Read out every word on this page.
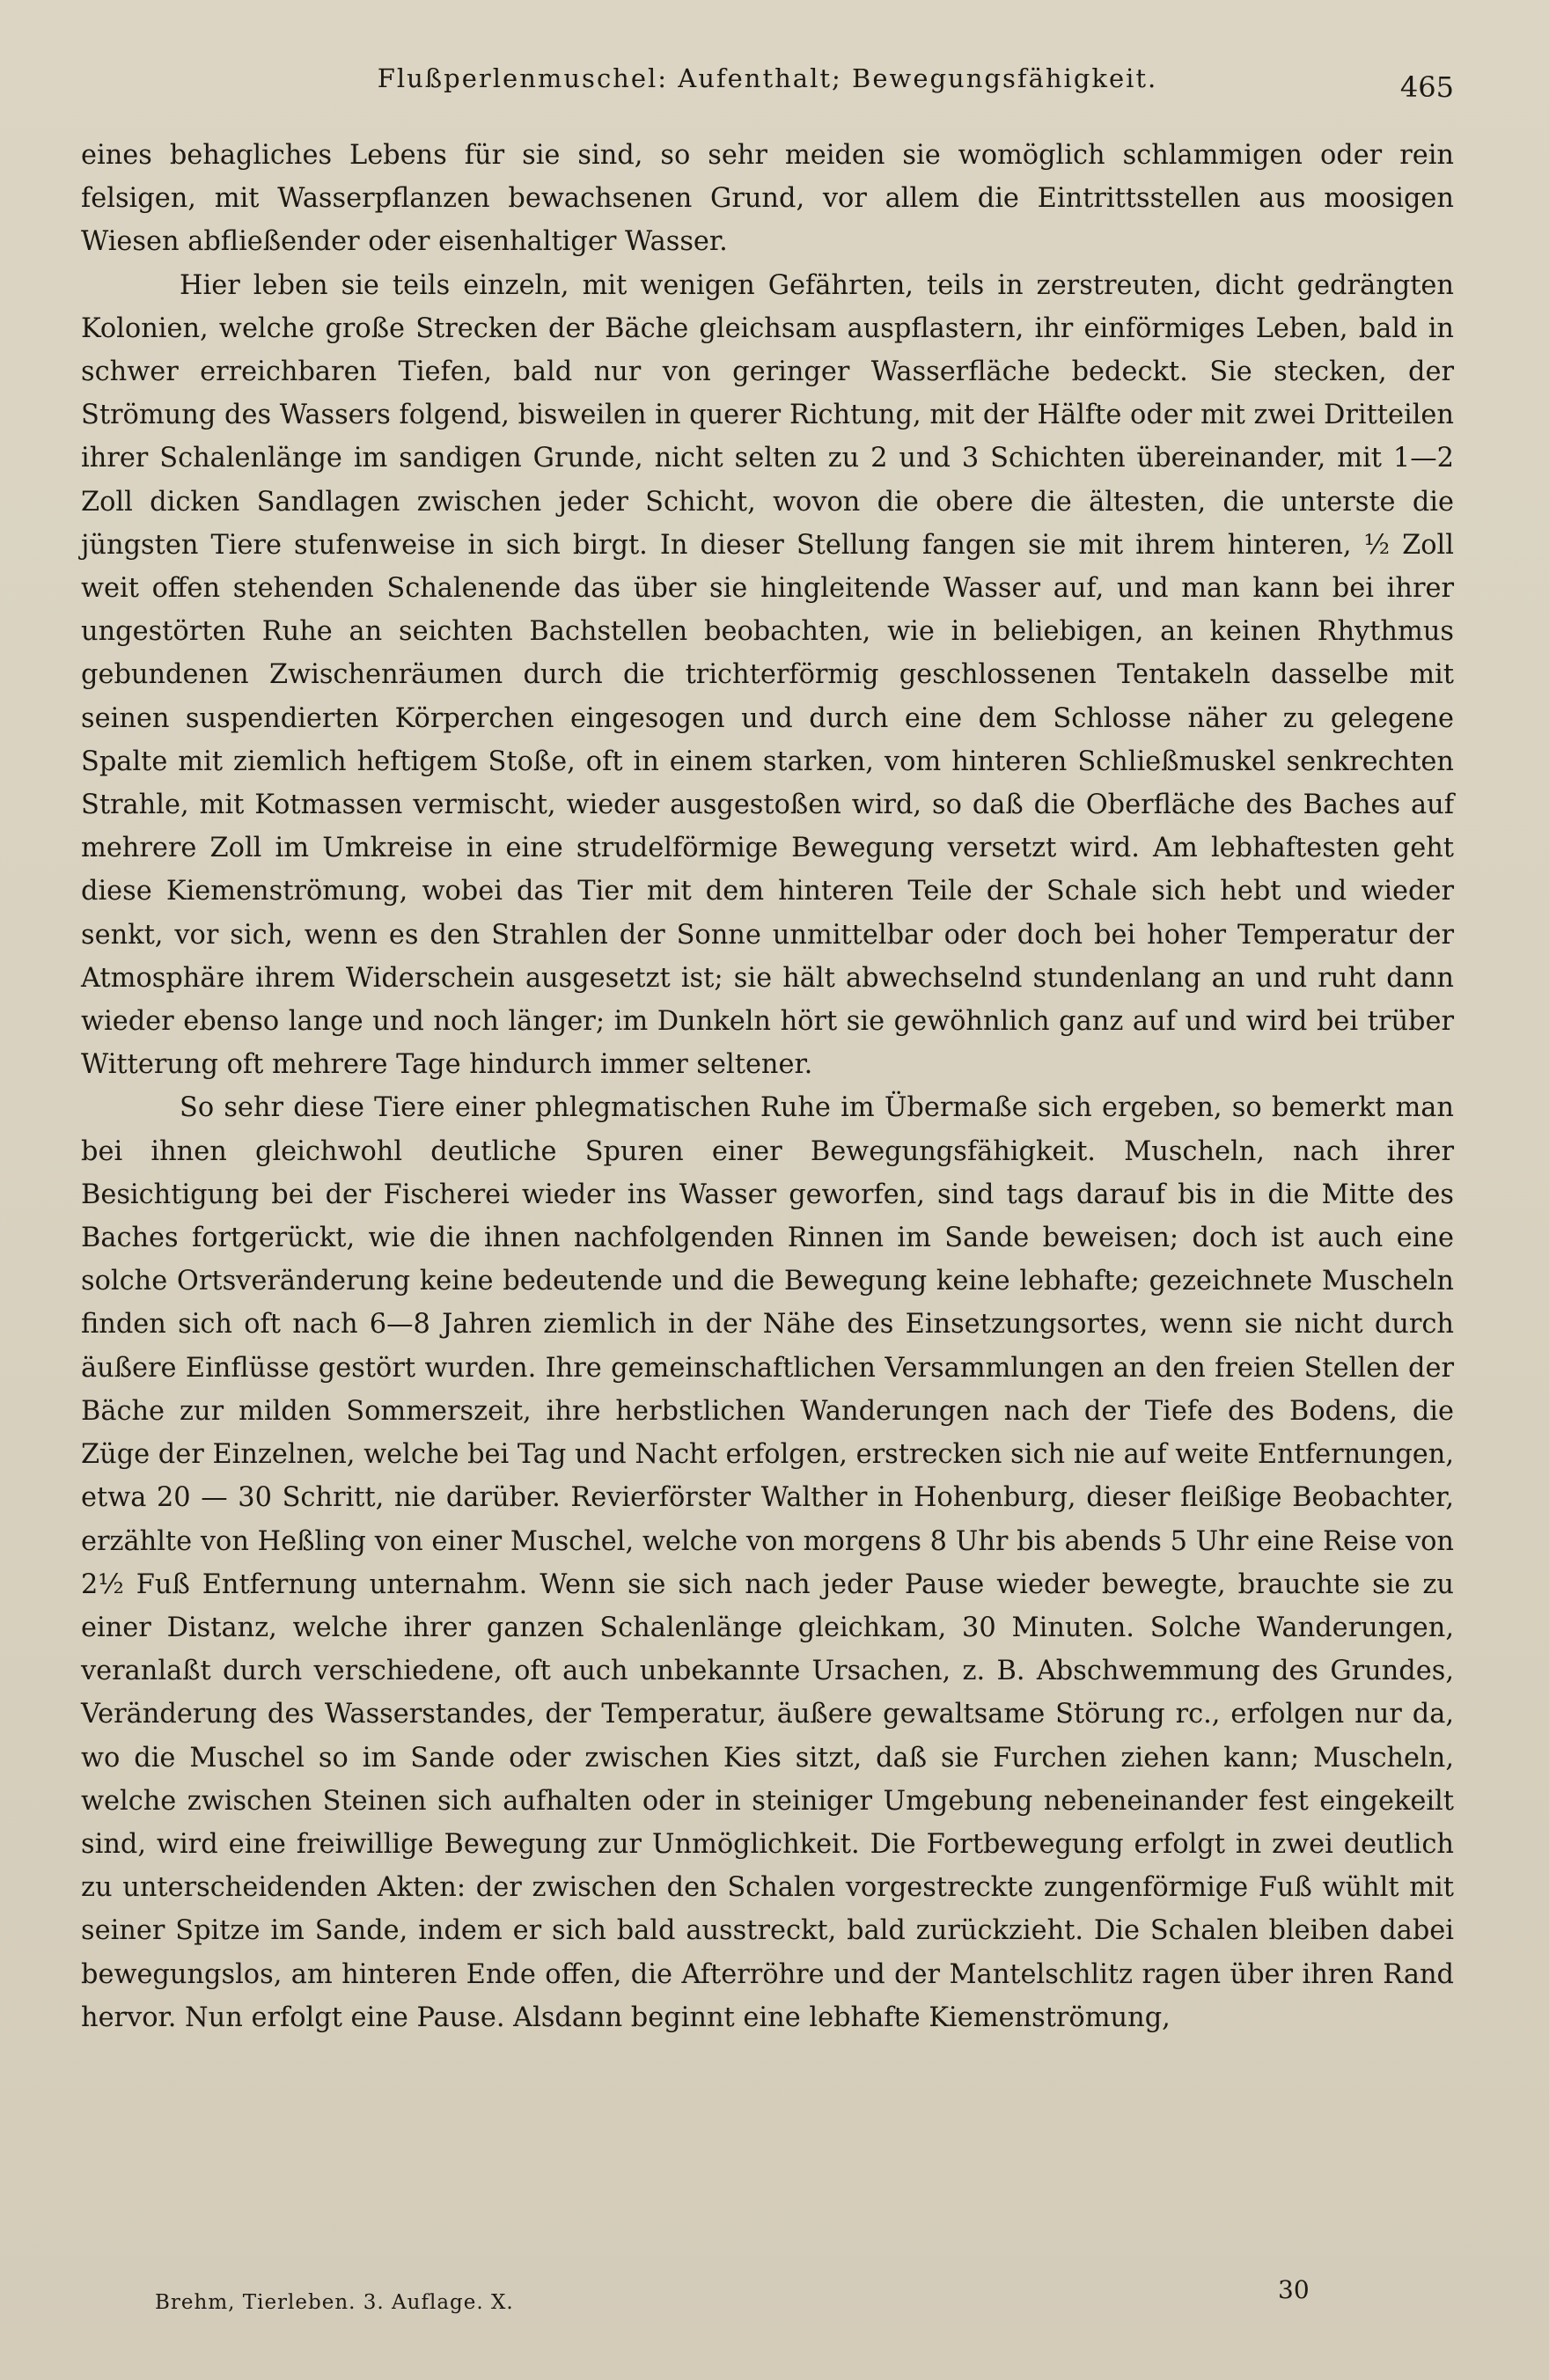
Flußperlenmuschel: Aufenthalt; Bewegungsfähigkeit.	465

eines behagliches Lebens für sie sind, so sehr meiden sie womöglich schlammigen oder rein felsigen, mit Wasserpflanzen bewachsenen Grund, vor allem die Eintrittsstellen aus moosigen Wiesen abfließender oder eisenhaltiger Wasser.

Hier leben sie teils einzeln, mit wenigen Gefährten, teils in zerstreuten, dicht gedrängten Kolonien, welche große Strecken der Bäche gleichsam auspflastern, ihr einförmiges Leben, bald in schwer erreichbaren Tiefen, bald nur von geringer Wasserfläche bedeckt. Sie stecken, der Strömung des Wassers folgend, bisweilen in querer Richtung, mit der Hälfte oder mit zwei Dritteilen ihrer Schalenlänge im sandigen Grunde, nicht selten zu 2 und 3 Schichten übereinander, mit 1—2 Zoll dicken Sandlagen zwischen jeder Schicht, wovon die obere die ältesten, die unterste die jüngsten Tiere stufenweise in sich birgt. In dieser Stellung fangen sie mit ihrem hinteren, ½ Zoll weit offen stehenden Schalenende das über sie hingleitende Wasser auf, und man kann bei ihrer ungestörten Ruhe an seichten Bachstellen beobachten, wie in beliebigen, an keinen Rhythmus gebundenen Zwischenräumen durch die trichterförmig geschlossenen Tentakeln dasselbe mit seinen suspendierten Körperchen eingesogen und durch eine dem Schlosse näher zu gelegene Spalte mit ziemlich heftigem Stoße, oft in einem starken, vom hinteren Schließmuskel senkrechten Strahle, mit Kotmassen vermischt, wieder ausgestoßen wird, so daß die Oberfläche des Baches auf mehrere Zoll im Umkreise in eine strudelförmige Bewegung versetzt wird. Am lebhaftesten geht diese Kiemenströmung, wobei das Tier mit dem hinteren Teile der Schale sich hebt und wieder senkt, vor sich, wenn es den Strahlen der Sonne unmittelbar oder doch bei hoher Temperatur der Atmosphäre ihrem Widerschein ausgesetzt ist; sie hält abwechselnd stundenlang an und ruht dann wieder ebenso lange und noch länger; im Dunkeln hört sie gewöhnlich ganz auf und wird bei trüber Witterung oft mehrere Tage hindurch immer seltener.

So sehr diese Tiere einer phlegmatischen Ruhe im Übermaße sich ergeben, so bemerkt man bei ihnen gleichwohl deutliche Spuren einer Bewegungsfähigkeit. Muscheln, nach ihrer Besichtigung bei der Fischerei wieder ins Wasser geworfen, sind tags darauf bis in die Mitte des Baches fortgerückt, wie die ihnen nachfolgenden Rinnen im Sande beweisen; doch ist auch eine solche Ortsveränderung keine bedeutende und die Bewegung keine lebhafte; gezeichnete Muscheln finden sich oft nach 6—8 Jahren ziemlich in der Nähe des Einsetzungsortes, wenn sie nicht durch äußere Einflüsse gestört wurden. Ihre gemeinschaftlichen Versammlungen an den freien Stellen der Bäche zur milden Sommerszeit, ihre herbstlichen Wanderungen nach der Tiefe des Bodens, die Züge der Einzelnen, welche bei Tag und Nacht erfolgen, erstrecken sich nie auf weite Entfernungen, etwa 20 — 30 Schritt, nie darüber. Revierförster Walther in Hohenburg, dieser fleißige Beobachter, erzählte von Heßling von einer Muschel, welche von morgens 8 Uhr bis abends 5 Uhr eine Reise von 2½ Fuß Entfernung unternahm. Wenn sie sich nach jeder Pause wieder bewegte, brauchte sie zu einer Distanz, welche ihrer ganzen Schalenlänge gleichkam, 30 Minuten. Solche Wanderungen, veranlaßt durch verschiedene, oft auch unbekannte Ursachen, z. B. Abschwemmung des Grundes, Veränderung des Wasserstandes, der Temperatur, äußere gewaltsame Störung rc., erfolgen nur da, wo die Muschel so im Sande oder zwischen Kies sitzt, daß sie Furchen ziehen kann; Muscheln, welche zwischen Steinen sich aufhalten oder in steiniger Umgebung nebeneinander fest eingekeilt sind, wird eine freiwillige Bewegung zur Unmöglichkeit. Die Fortbewegung erfolgt in zwei deutlich zu unterscheidenden Akten: der zwischen den Schalen vorgestreckte zungenförmige Fuß wühlt mit seiner Spitze im Sande, indem er sich bald ausstreckt, bald zurückzieht. Die Schalen bleiben dabei bewegungslos, am hinteren Ende offen, die Afterröhre und der Mantelschlitz ragen über ihren Rand hervor. Nun erfolgt eine Pause. Alsdann beginnt eine lebhafte Kiemenströmung,

Brehm, Tierleben. 3. Auflage. X.	30
